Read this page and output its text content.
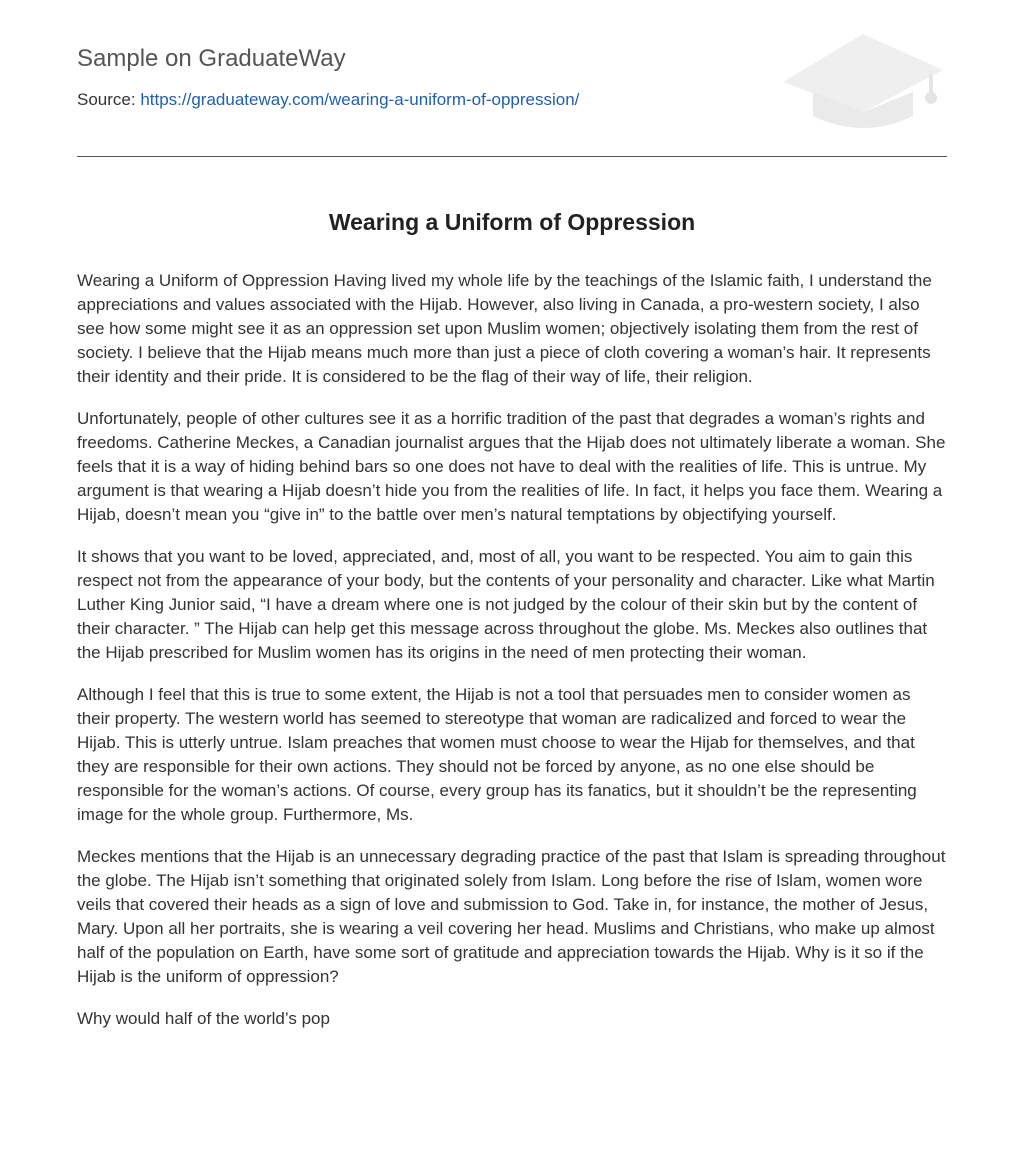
Sample on GraduateWay
Source: https://graduateway.com/wearing-a-uniform-of-oppression/
Wearing a Uniform of Oppression

Wearing a Uniform of Oppression Having lived my whole life by the teachings of the Islamic faith, I understand the appreciations and values associated with the Hijab. However, also living in Canada, a pro-western society, I also see how some might see it as an oppression set upon Muslim women; objectively isolating them from the rest of society. I believe that the Hijab means much more than just a piece of cloth covering a woman’s hair. It represents their identity and their pride. It is considered to be the flag of their way of life, their religion.

Unfortunately, people of other cultures see it as a horrific tradition of the past that degrades a woman’s rights and freedoms. Catherine Meckes, a Canadian journalist argues that the Hijab does not ultimately liberate a woman. She feels that it is a way of hiding behind bars so one does not have to deal with the realities of life. This is untrue. My argument is that wearing a Hijab doesn’t hide you from the realities of life. In fact, it helps you face them. Wearing a Hijab, doesn’t mean you “give in” to the battle over men’s natural temptations by objectifying yourself.

It shows that you want to be loved, appreciated, and, most of all, you want to be respected. You aim to gain this respect not from the appearance of your body, but the contents of your personality and character. Like what Martin Luther King Junior said, “I have a dream where one is not judged by the colour of their skin but by the content of their character. ” The Hijab can help get this message across throughout the globe. Ms. Meckes also outlines that the Hijab prescribed for Muslim women has its origins in the need of men protecting their woman.

Although I feel that this is true to some extent, the Hijab is not a tool that persuades men to consider women as their property. The western world has seemed to stereotype that woman are radicalized and forced to wear the Hijab. This is utterly untrue. Islam preaches that women must choose to wear the Hijab for themselves, and that they are responsible for their own actions. They should not be forced by anyone, as no one else should be responsible for the woman’s actions. Of course, every group has its fanatics, but it shouldn’t be the representing image for the whole group. Furthermore, Ms.

Meckes mentions that the Hijab is an unnecessary degrading practice of the past that Islam is spreading throughout the globe. The Hijab isn’t something that originated solely from Islam. Long before the rise of Islam, women wore veils that covered their heads as a sign of love and submission to God. Take in, for instance, the mother of Jesus, Mary. Upon all her portraits, she is wearing a veil covering her head. Muslims and Christians, who make up almost half of the population on Earth, have some sort of gratitude and appreciation towards the Hijab. Why is it so if the Hijab is the uniform of oppression?

Why would half of the world’s pop
